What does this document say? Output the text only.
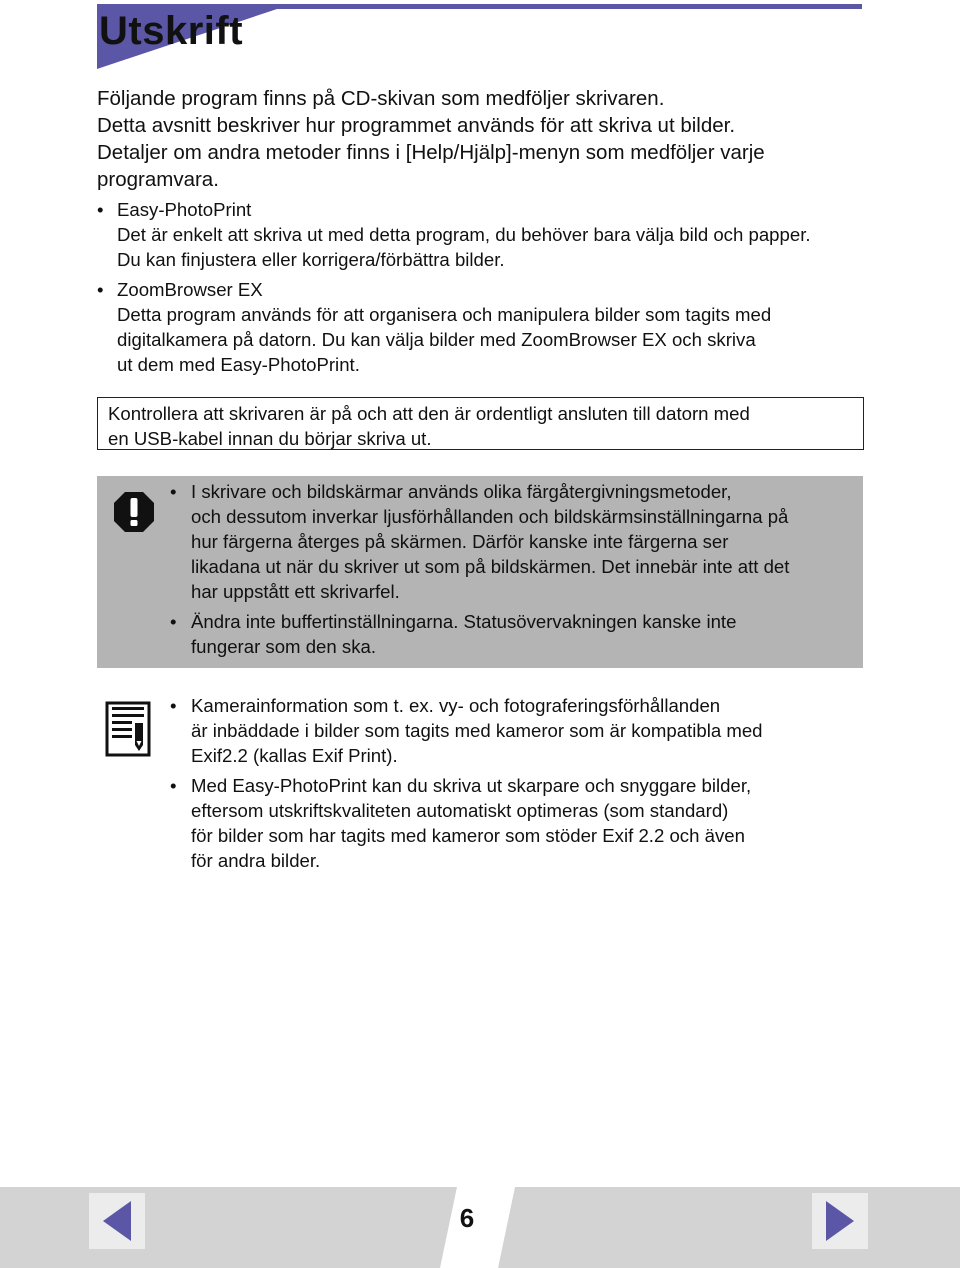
Utskrift
Följande program finns på CD-skivan som medföljer skrivaren.
Detta avsnitt beskriver hur programmet används för att skriva ut bilder.
Detaljer om andra metoder finns i [Help/Hjälp]-menyn som medföljer varje
programvara.
• Easy-PhotoPrint
Det är enkelt att skriva ut med detta program, du behöver bara välja bild och papper.
Du kan finjustera eller korrigera/förbättra bilder.
• ZoomBrowser EX
Detta program används för att organisera och manipulera bilder som tagits med
digitalkamera på datorn. Du kan välja bilder med ZoomBrowser EX och skriva
ut dem med Easy-PhotoPrint.
Kontrollera att skrivaren är på och att den är ordentligt ansluten till datorn med
en USB-kabel innan du börjar skriva ut.
• I skrivare och bildskärmar används olika färgåtergivningsmetoder,
och dessutom inverkar ljusförhållanden och bildskärmsinställningarna på
hur färgerna återges på skärmen. Därför kanske inte färgerna ser
likadana ut när du skriver ut som på bildskärmen. Det innebär inte att det
har uppstått ett skrivarfel.
• Ändra inte buffertinställningarna. Statusövervakningen kanske inte
fungerar som den ska.
• Kamerainformation som t. ex. vy- och fotograferingsförhållanden
är inbäddade i bilder som tagits med kameror som är kompatibla med
Exif2.2 (kallas Exif Print).
• Med Easy-PhotoPrint kan du skriva ut skarpare och snyggare bilder,
eftersom utskriftskvaliteten automatiskt optimeras (som standard)
för bilder som har tagits med kameror som stöder Exif 2.2 och även
för andra bilder.
6
